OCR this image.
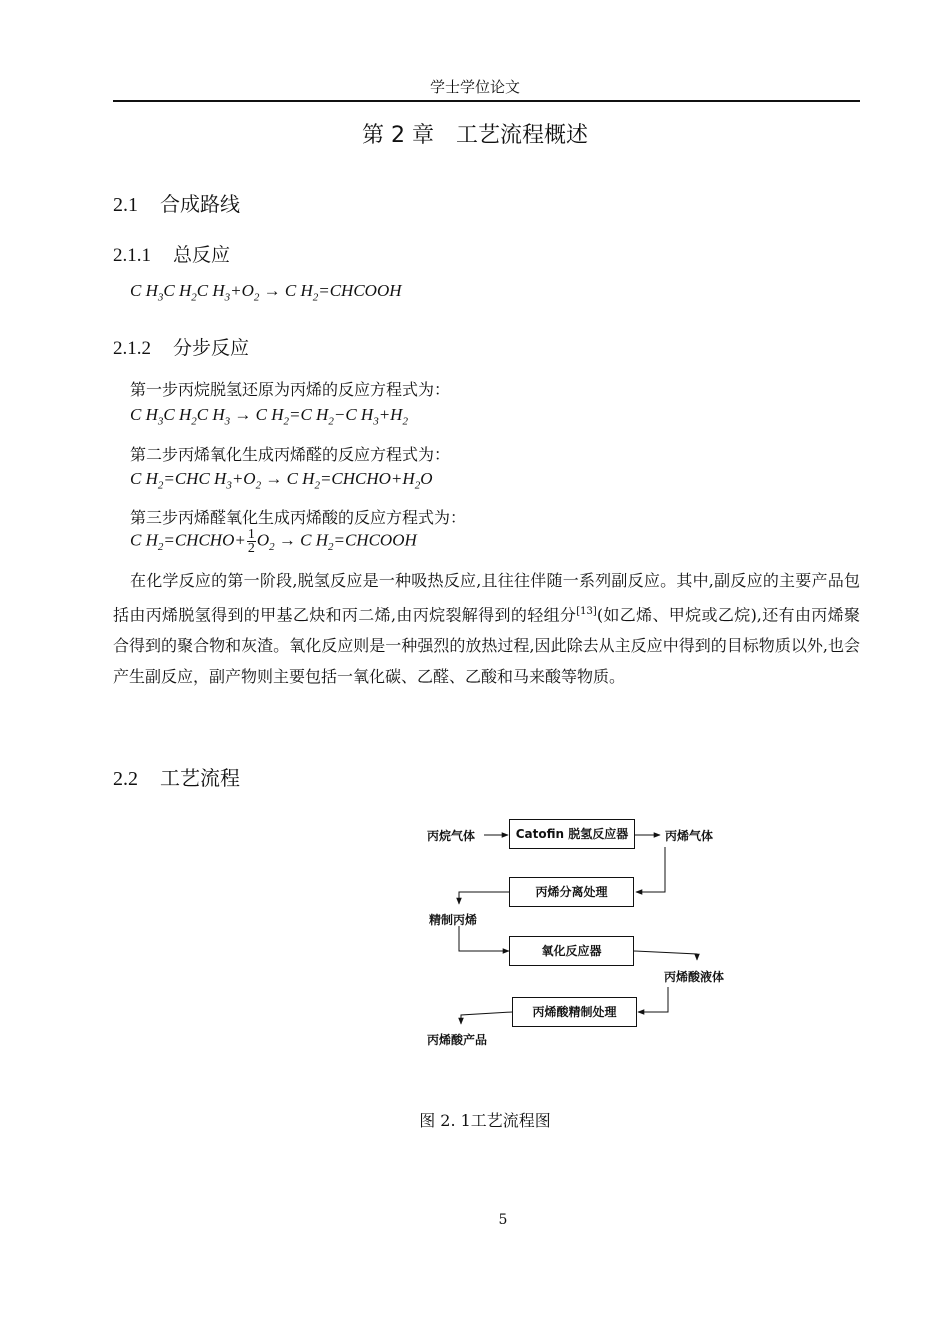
学士学位论文
第 2 章　工艺流程概述
2.1 合成路线
2.1.1 总反应
C $H_3C$ $H_2C$ $H_3+O_2 \to C$ $H_2=CHCOOH$
2.1.2 分步反应
第一步丙烷脱氢还原为丙烯的反应方程式为：
C $H_3C$ $H_2C$ $H_3 \to C$ $H_2=C$ $H_2-C$ $H_3+H_2$
第二步丙烯氧化生成丙烯醛的反应方程式为：
C $H_2=CHC$ $H_3+O_2 \to C$ $H_2=CHCHO+H_2O$
第三步丙烯醛氧化生成丙烯酸的反应方程式为：
C $H_2=CHCHO+ \frac{1}{2} O_2 \to C$ $H_2=CHCOOH$
在化学反应的第一阶段,脱氢反应是一种吸热反应,且往往伴随一系列副反应。其中,副反应的主要产品包括由丙烯脱氢得到的甲基乙炔和丙二烯,由丙烷裂解得到的轻组分[13](如乙烯、甲烷或乙烷),还有由丙烯聚合得到的聚合物和灰渣。氧化反应则是一种强烈的放热过程,因此除去从主反应中得到的目标物质以外,也会产生副反应，副产物则主要包括一氧化碳、乙醛、乙酸和马来酸等物质。
2.2 工艺流程
丙烷气体	Catofin 脱氢反应器	丙烯气体
丙烯分离处理
精制丙烯
氧化反应器
丙烯酸液体
丙烯酸精制处理
丙烯酸产品
图 2. 1工艺流程图
5
